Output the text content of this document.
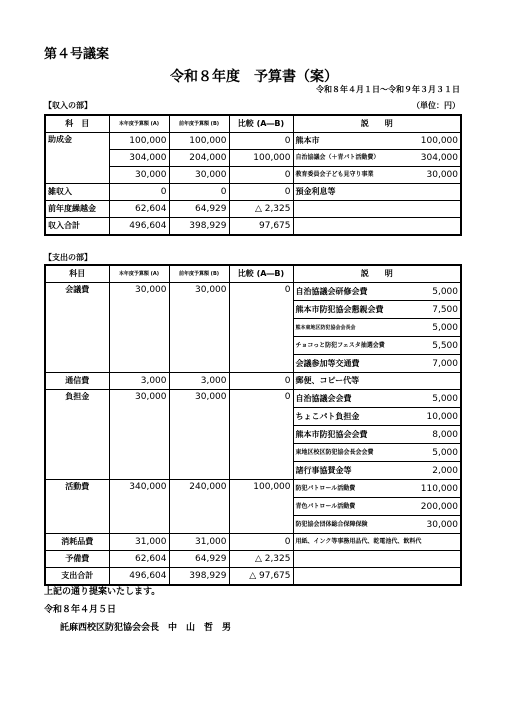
第４号議案
令和８年度　予算書（案）
令和８年４月１日～令和９年３月３１日
【収入の部】	（単位：円）
科　目	本年度予算額 (A)	前年度予算額 (B)	比較 (A―B)	説　　明
助成金	100,000	100,000	0	熊本市 100,000

	304,000	204,000	100,000	自治協議会（＋青パト活動費） 304,000

	30,000	30,000	0	教育委員会子ども見守り事業 30,000

雑収入	0	0	0	預金利息等

前年度繰越金	62,604	64,929	△ 2,325	
収入合計	496,604	398,929	97,675	
【支出の部】
科目	本年度予算額 (A)	前年度予算額 (B)	比較 (A―B)	説　　明
会議費	30,000	30,000	0	自治協議会研修会費 5,000

				熊本市防犯協会懇親会費 7,500

				熊本東地区防犯協会会長会 5,000

				チョコっと防犯フェスタ抽選会費 5,500

				会議参加等交通費 7,000

通信費	3,000	3,000	0	郵便、コピー代等

負担金	30,000	30,000	0	自治協議会会費 5,000

				ちょこパト負担金 10,000

				熊本市防犯協会会費 8,000

				東地区校区防犯協会長会会費 5,000

				諸行事協賛金等 2,000

活動費	340,000	240,000	100,000	防犯パトロール活動費 110,000

				青色パトロール活動費 200,000

				防犯協会団体総合保障保険 30,000

消耗品費	31,000	31,000	0	用紙、インク等事務用品代、乾電池代、飲料代

予備費	62,604	64,929	△ 2,325	
支出合計	496,604	398,929	△ 97,675	
上記の通り提案いたします。
令和８年４月５日
託麻西校区防犯協会会長　中　山　哲　男
